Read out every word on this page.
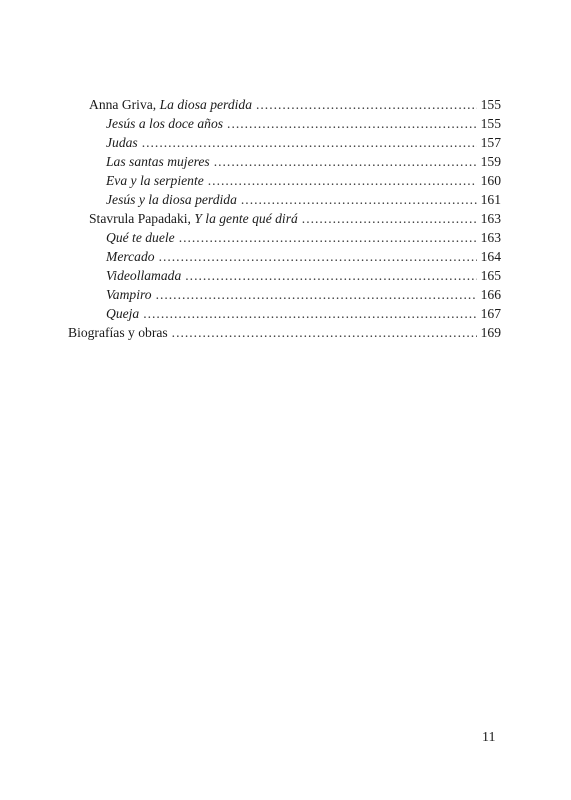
Anna Griva, La diosa perdida .....	155
Jesús a los doce años .....	155
Judas .....	157
Las santas mujeres .....	159
Eva y la serpiente .....	160
Jesús y la diosa perdida .....	161
Stavrula Papadaki, Y la gente qué dirá .....	163
Qué te duele .....	163
Mercado .....	164
Videollamada .....	165
Vampiro .....	166
Queja .....	167
Biografías y obras .....	169
11
